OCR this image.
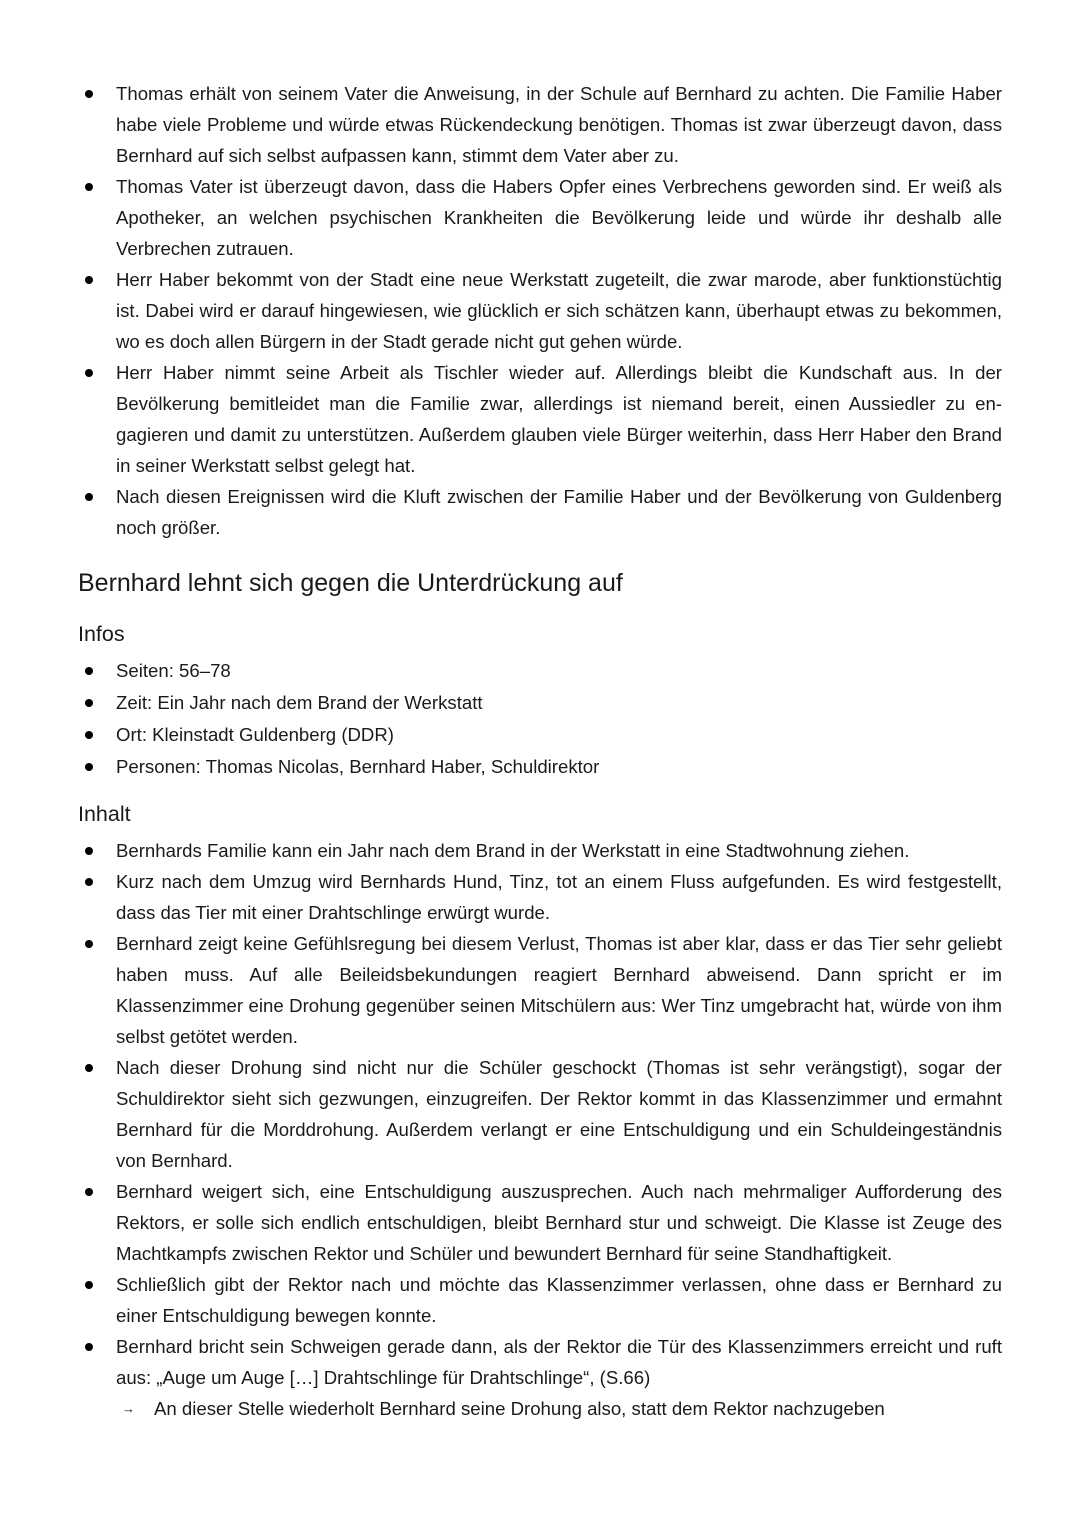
Thomas erhält von seinem Vater die Anweisung, in der Schule auf Bernhard zu achten. Die Familie Haber habe viele Probleme und würde etwas Rückendeckung benötigen. Thomas ist zwar überzeugt davon, dass Bernhard auf sich selbst aufpassen kann, stimmt dem Vater aber zu.
Thomas Vater ist überzeugt davon, dass die Habers Opfer eines Verbrechens geworden sind. Er weiß als Apotheker, an welchen psychischen Krankheiten die Bevölkerung leide und würde ihr deshalb alle Verbrechen zutrauen.
Herr Haber bekommt von der Stadt eine neue Werkstatt zugeteilt, die zwar marode, aber funktionstüchtig ist. Dabei wird er darauf hingewiesen, wie glücklich er sich schätzen kann, überhaupt etwas zu bekommen, wo es doch allen Bürgern in der Stadt gerade nicht gut gehen würde.
Herr Haber nimmt seine Arbeit als Tischler wieder auf. Allerdings bleibt die Kundschaft aus. In der Bevölkerung bemitleidet man die Familie zwar, allerdings ist niemand bereit, einen Aussiedler zu engagieren und damit zu unterstützen. Außerdem glauben viele Bürger weiterhin, dass Herr Haber den Brand in seiner Werkstatt selbst gelegt hat.
Nach diesen Ereignissen wird die Kluft zwischen der Familie Haber und der Bevölkerung von Guldenberg noch größer.
Bernhard lehnt sich gegen die Unterdrückung auf
Infos
Seiten: 56–78
Zeit: Ein Jahr nach dem Brand der Werkstatt
Ort: Kleinstadt Guldenberg (DDR)
Personen: Thomas Nicolas, Bernhard Haber, Schuldirektor
Inhalt
Bernhards Familie kann ein Jahr nach dem Brand in der Werkstatt in eine Stadtwohnung ziehen.
Kurz nach dem Umzug wird Bernhards Hund, Tinz, tot an einem Fluss aufgefunden. Es wird festgestellt, dass das Tier mit einer Drahtschlinge erwürgt wurde.
Bernhard zeigt keine Gefühlsregung bei diesem Verlust, Thomas ist aber klar, dass er das Tier sehr geliebt haben muss. Auf alle Beileidsbekundungen reagiert Bernhard abweisend. Dann spricht er im Klassenzimmer eine Drohung gegenüber seinen Mitschülern aus: Wer Tinz umgebracht hat, würde von ihm selbst getötet werden.
Nach dieser Drohung sind nicht nur die Schüler geschockt (Thomas ist sehr verängstigt), sogar der Schuldirektor sieht sich gezwungen, einzugreifen. Der Rektor kommt in das Klassenzimmer und ermahnt Bernhard für die Morddrohung. Außerdem verlangt er eine Entschuldigung und ein Schuldeingeständnis von Bernhard.
Bernhard weigert sich, eine Entschuldigung auszusprechen. Auch nach mehrmaliger Aufforderung des Rektors, er solle sich endlich entschuldigen, bleibt Bernhard stur und schweigt. Die Klasse ist Zeuge des Machtkampfs zwischen Rektor und Schüler und bewundert Bernhard für seine Standhaftigkeit.
Schließlich gibt der Rektor nach und möchte das Klassenzimmer verlassen, ohne dass er Bernhard zu einer Entschuldigung bewegen konnte.
Bernhard bricht sein Schweigen gerade dann, als der Rektor die Tür des Klassenzimmers erreicht und ruft aus: „Auge um Auge […] Drahtschlinge für Drahtschlinge“, (S.66)
→ An dieser Stelle wiederholt Bernhard seine Drohung also, statt dem Rektor nachzugeben
